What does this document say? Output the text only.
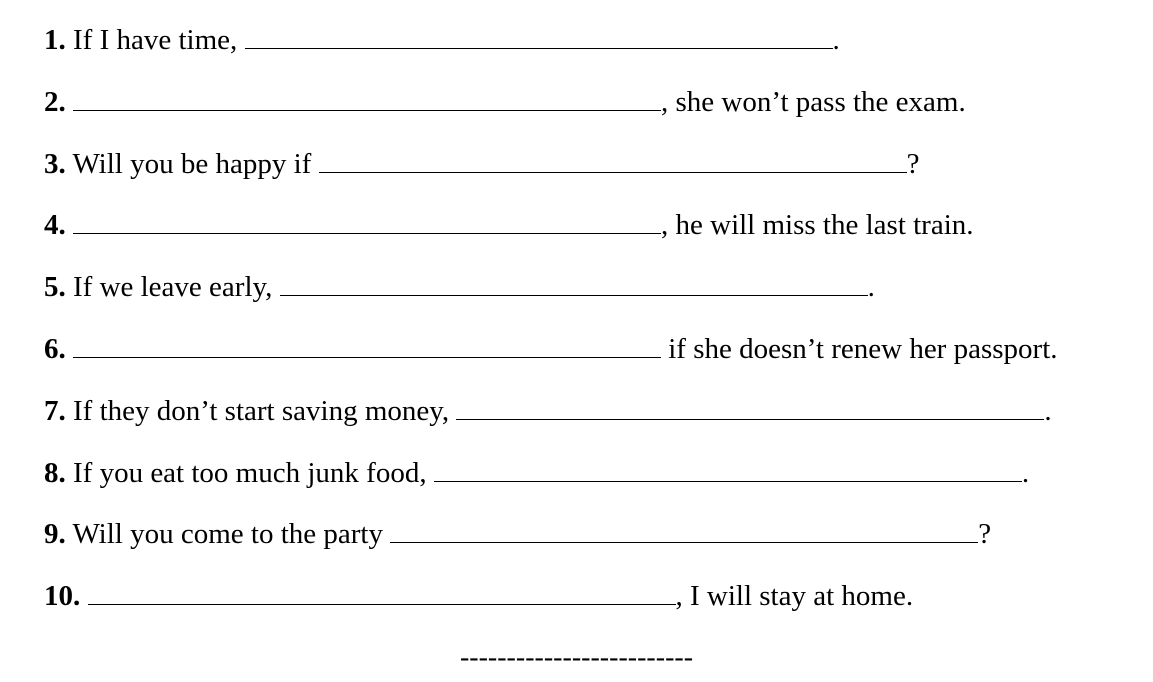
1. If I have time,	.
2.	, she won’t pass the exam.
3. Will you be happy if	?
4.	, he will miss the last train.
5. If we leave early,	.
6.	if she doesn’t renew her passport.
7. If they don’t start saving money,	.
8. If you eat too much junk food,	.
9. Will you come to the party	?
10.	, I will stay at home.
-------------------------
